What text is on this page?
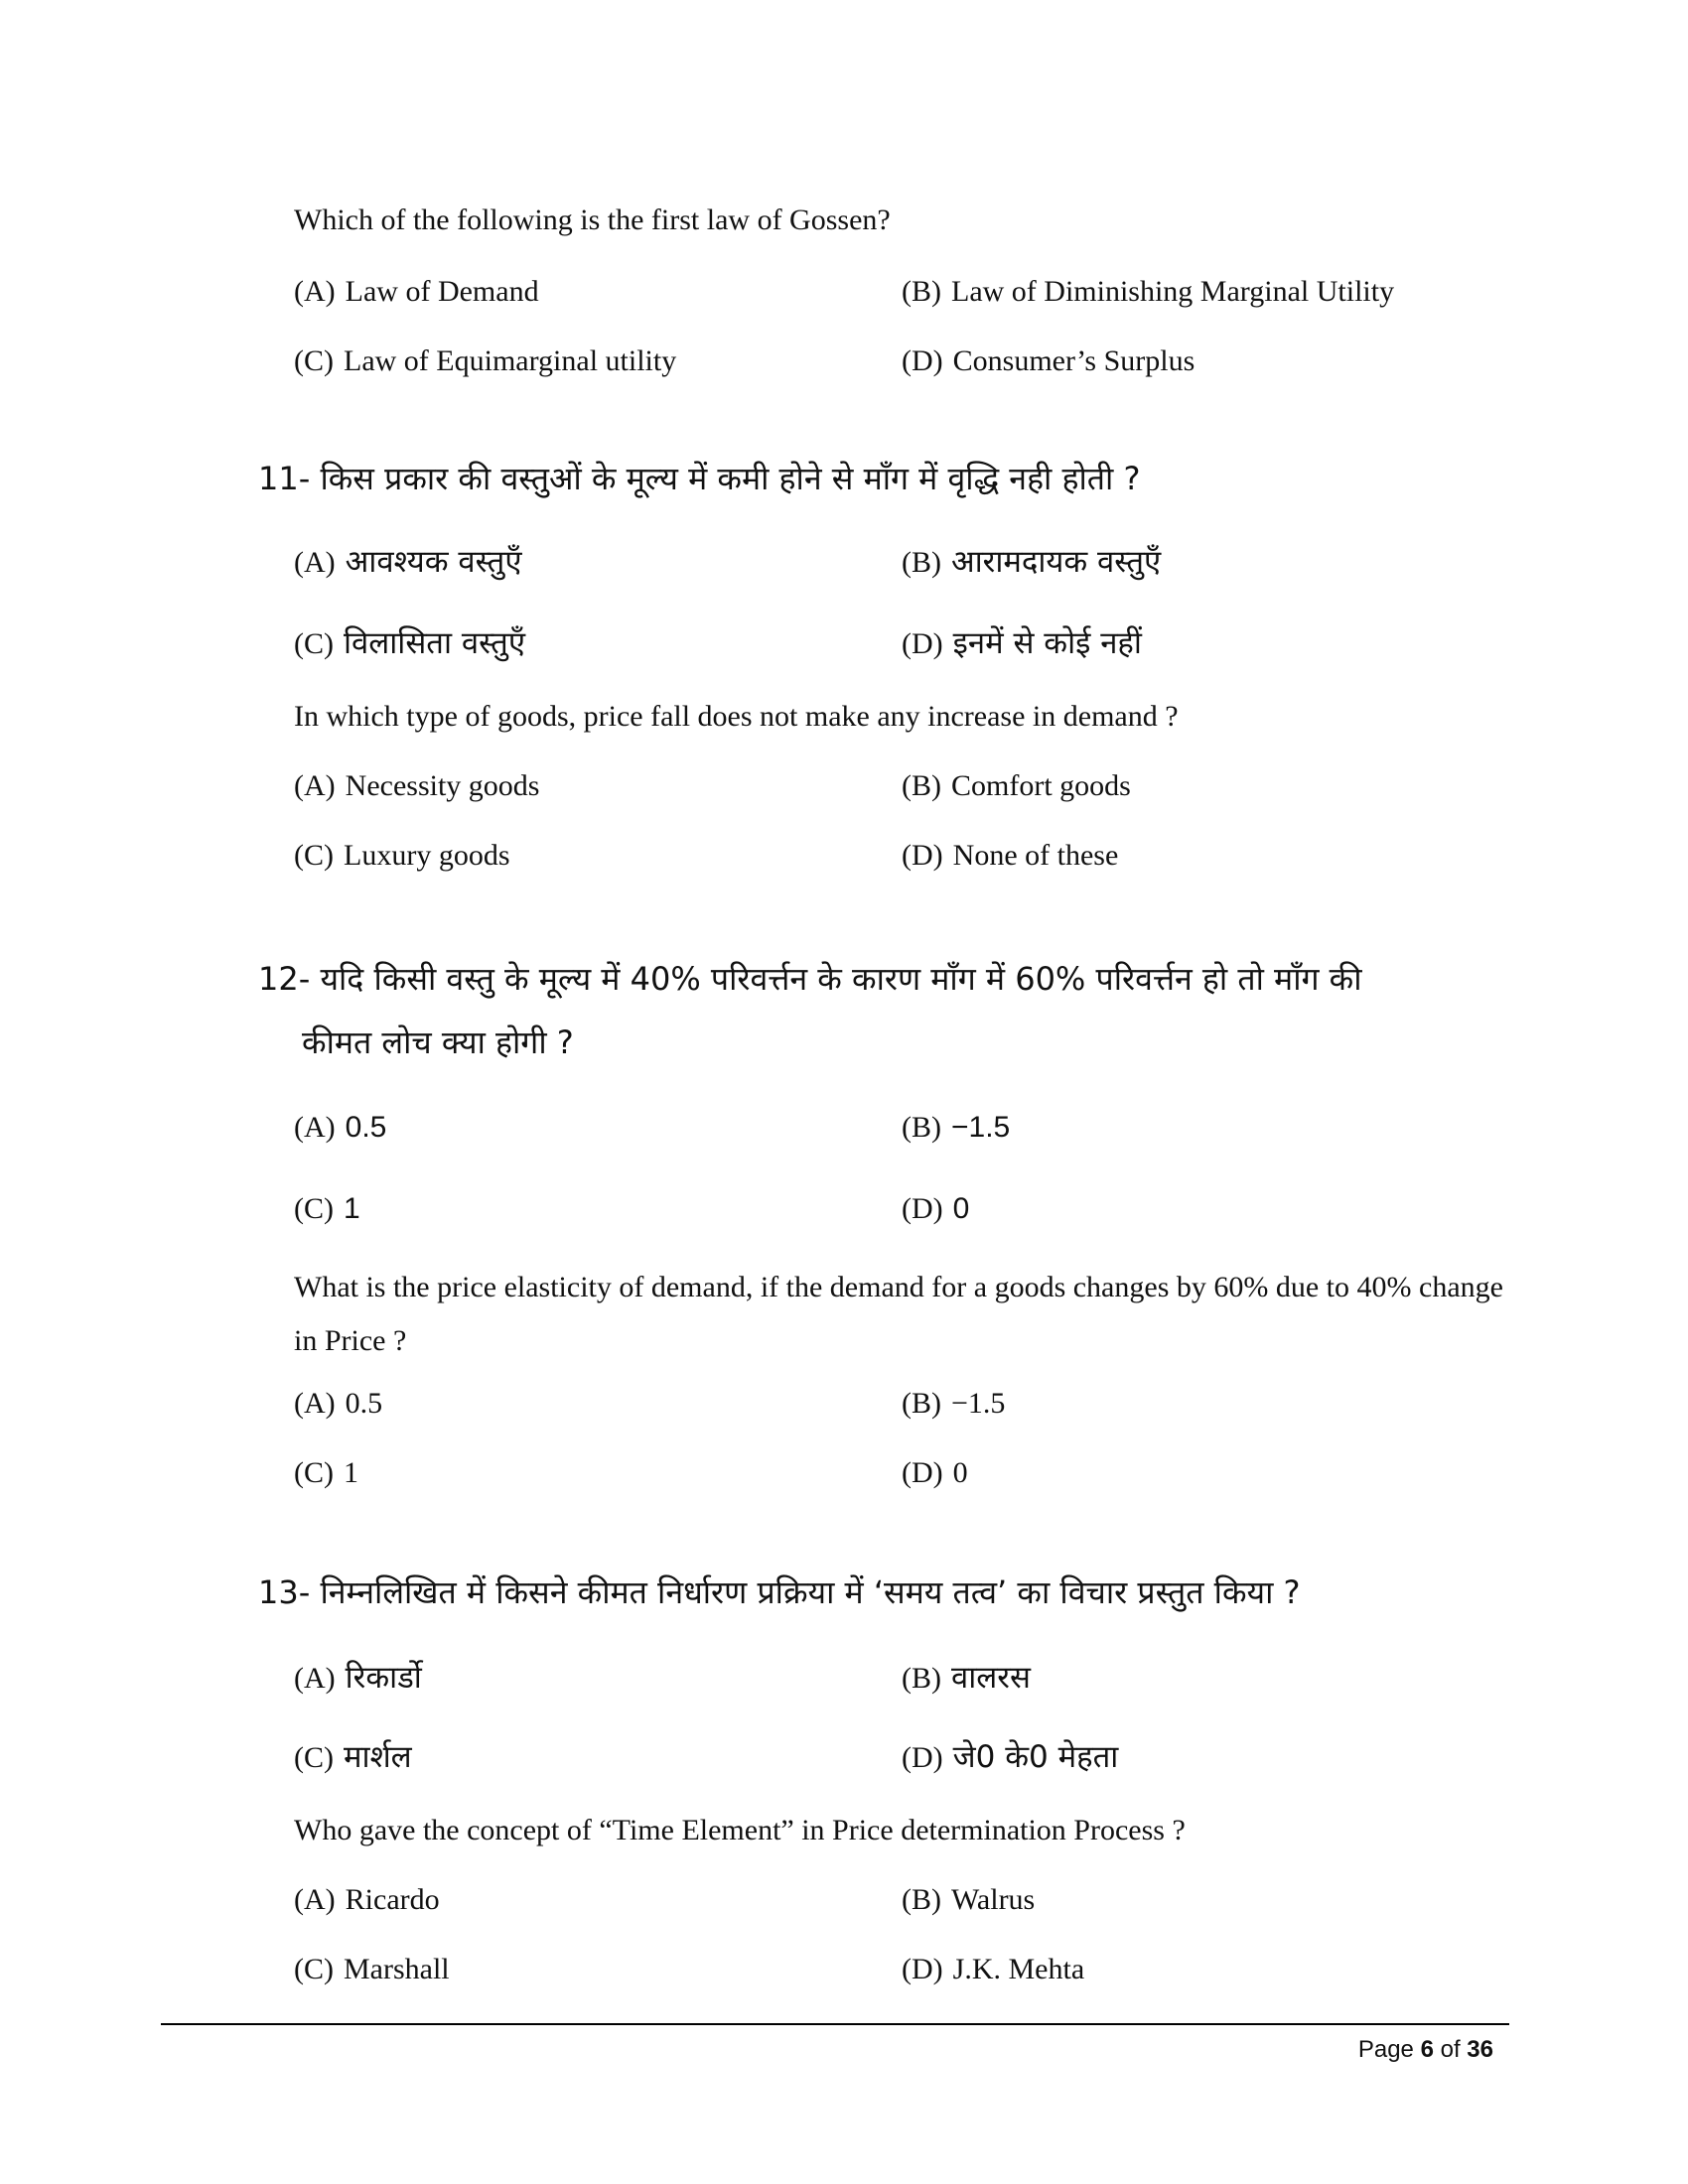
Which of the following is the first law of Gossen?
(A) Law of Demand	(B) Law of Diminishing Marginal Utility
(C) Law of Equimarginal utility	(D) Consumer’s Surplus
11- किस प्रकार की वस्तुओं के मूल्य में कमी होने से माँग में वृद्धि नही होती ?
(A) आवश्यक वस्तुएँ	(B) आरामदायक वस्तुएँ
(C) विलासिता वस्तुएँ	(D) इनमें से कोई नहीं
In which type of goods, price fall does not make any increase in demand ?
(A) Necessity goods	(B) Comfort goods
(C) Luxury goods	(D) None of these
12- यदि किसी वस्तु के मूल्य में 40% परिवर्त्तन के कारण माँग में 60% परिवर्त्तन हो तो माँग की
कीमत लोच क्या होगी ?
(A) 0.5	(B) −1.5
(C) 1	(D) 0
What is the price elasticity of demand, if the demand for a goods changes by 60% due to 40% change in Price ?
(A) 0.5	(B) −1.5
(C) 1	(D) 0
13- निम्नलिखित में किसने कीमत निर्धारण प्रक्रिया में ‘समय तत्व’ का विचार प्रस्तुत किया ?
(A) रिकार्डो	(B) वालरस
(C) मार्शल	(D) जे0 के0 मेहता
Who gave the concept of “Time Element” in Price determination Process ?
(A) Ricardo	(B) Walrus
(C) Marshall	(D) J.K. Mehta
Page 6 of 36
